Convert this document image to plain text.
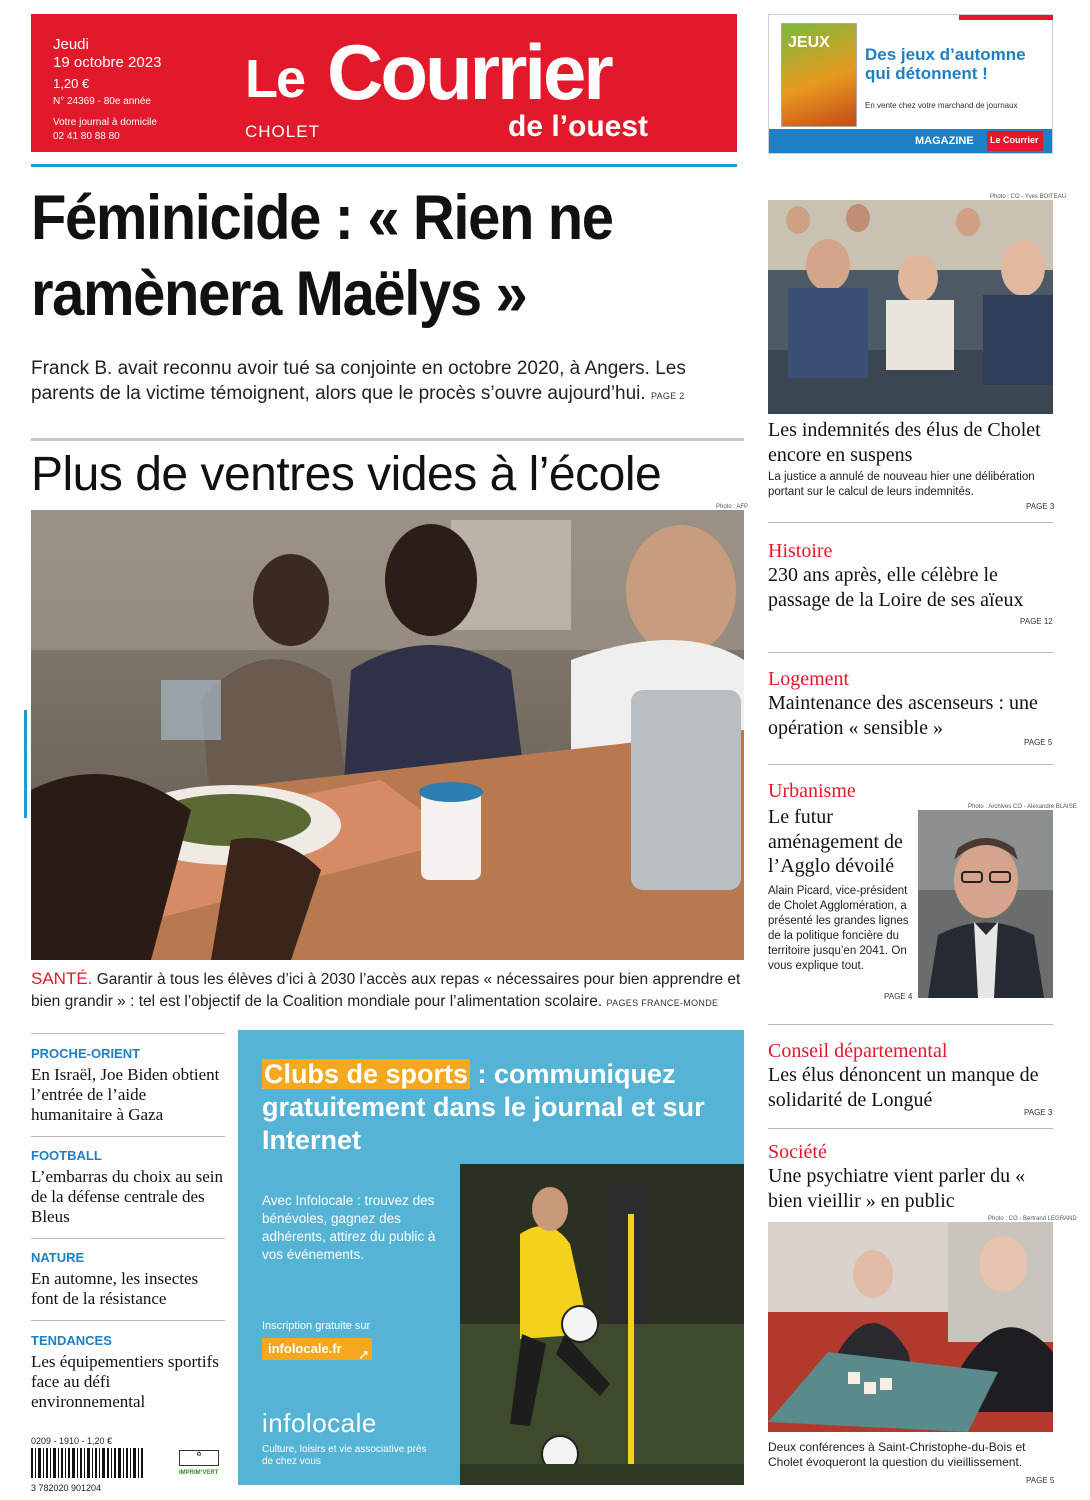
Jeudi
19 octobre 2023
1,20 €
N° 24369 - 80e année
Votre journal à domicile
02 41 80 88 80
Le Courrier
de l’ouest
CHOLET
JEUX
Des jeux d’automne qui détonnent !
En vente chez votre marchand de journaux
MAGAZINE	Le Courrier
Féminicide : « Rien ne ramènera Maëlys »
Franck B. avait reconnu avoir tué sa conjointe en octobre 2020, à Angers. Les parents de la victime témoignent, alors que le procès s’ouvre aujourd’hui. PAGE 2
Plus de ventres vides à l’école
Photo : AFP
SANTÉ. Garantir à tous les élèves d’ici à 2030 l’accès aux repas « nécessaires pour bien apprendre et bien grandir » : tel est l’objectif de la Coalition mondiale pour l’alimentation scolaire. PAGES FRANCE-MONDE
PROCHE-ORIENT
En Israël, Joe Biden obtient l’entrée de l’aide humanitaire à Gaza
FOOTBALL
L’embarras du choix au sein de la défense centrale des Bleus
NATURE
En automne, les insectes font de la résistance
TENDANCES
Les équipementiers sportifs face au défi environnemental
0209 - 1910 - 1,20 €
3 782020 901204
♻
IMPRIM’VERT
Clubs de sports : communiquez gratuitement dans le journal et sur Internet
Avec Infolocale : trouvez des bénévoles, gagnez des adhérents, attirez du public à vos événements.
Inscription gratuite sur
infolocale.fr	➚
infolocale
Culture, loisirs et vie associative près de chez vous
Photo : CO - Yves BOITEAU
Les indemnités des élus de Cholet encore en suspens
La justice a annulé de nouveau hier une délibération portant sur le calcul de leurs indemnités.
PAGE 3
Histoire
230 ans après, elle célèbre le passage de la Loire de ses aïeux
PAGE 12
Logement
Maintenance des ascenseurs : une opération « sensible »
PAGE 5
Urbanisme
Le futur aménagement de l’Agglo dévoilé
Alain Picard, vice-président de Cholet Agglomération, a présenté les grandes lignes de la politique foncière du territoire jusqu’en 2041. On vous explique tout.
Photo : Archives CO - Alexandre BLAISE
PAGE 4
Conseil départemental
Les élus dénoncent un manque de solidarité de Longué
PAGE 3
Société
Une psychiatre vient parler du « bien vieillir » en public
Photo : CO - Bertrand LEGRAND
Deux conférences à Saint-Christophe-du-Bois et Cholet évoqueront la question du vieillissement.
PAGE 5
